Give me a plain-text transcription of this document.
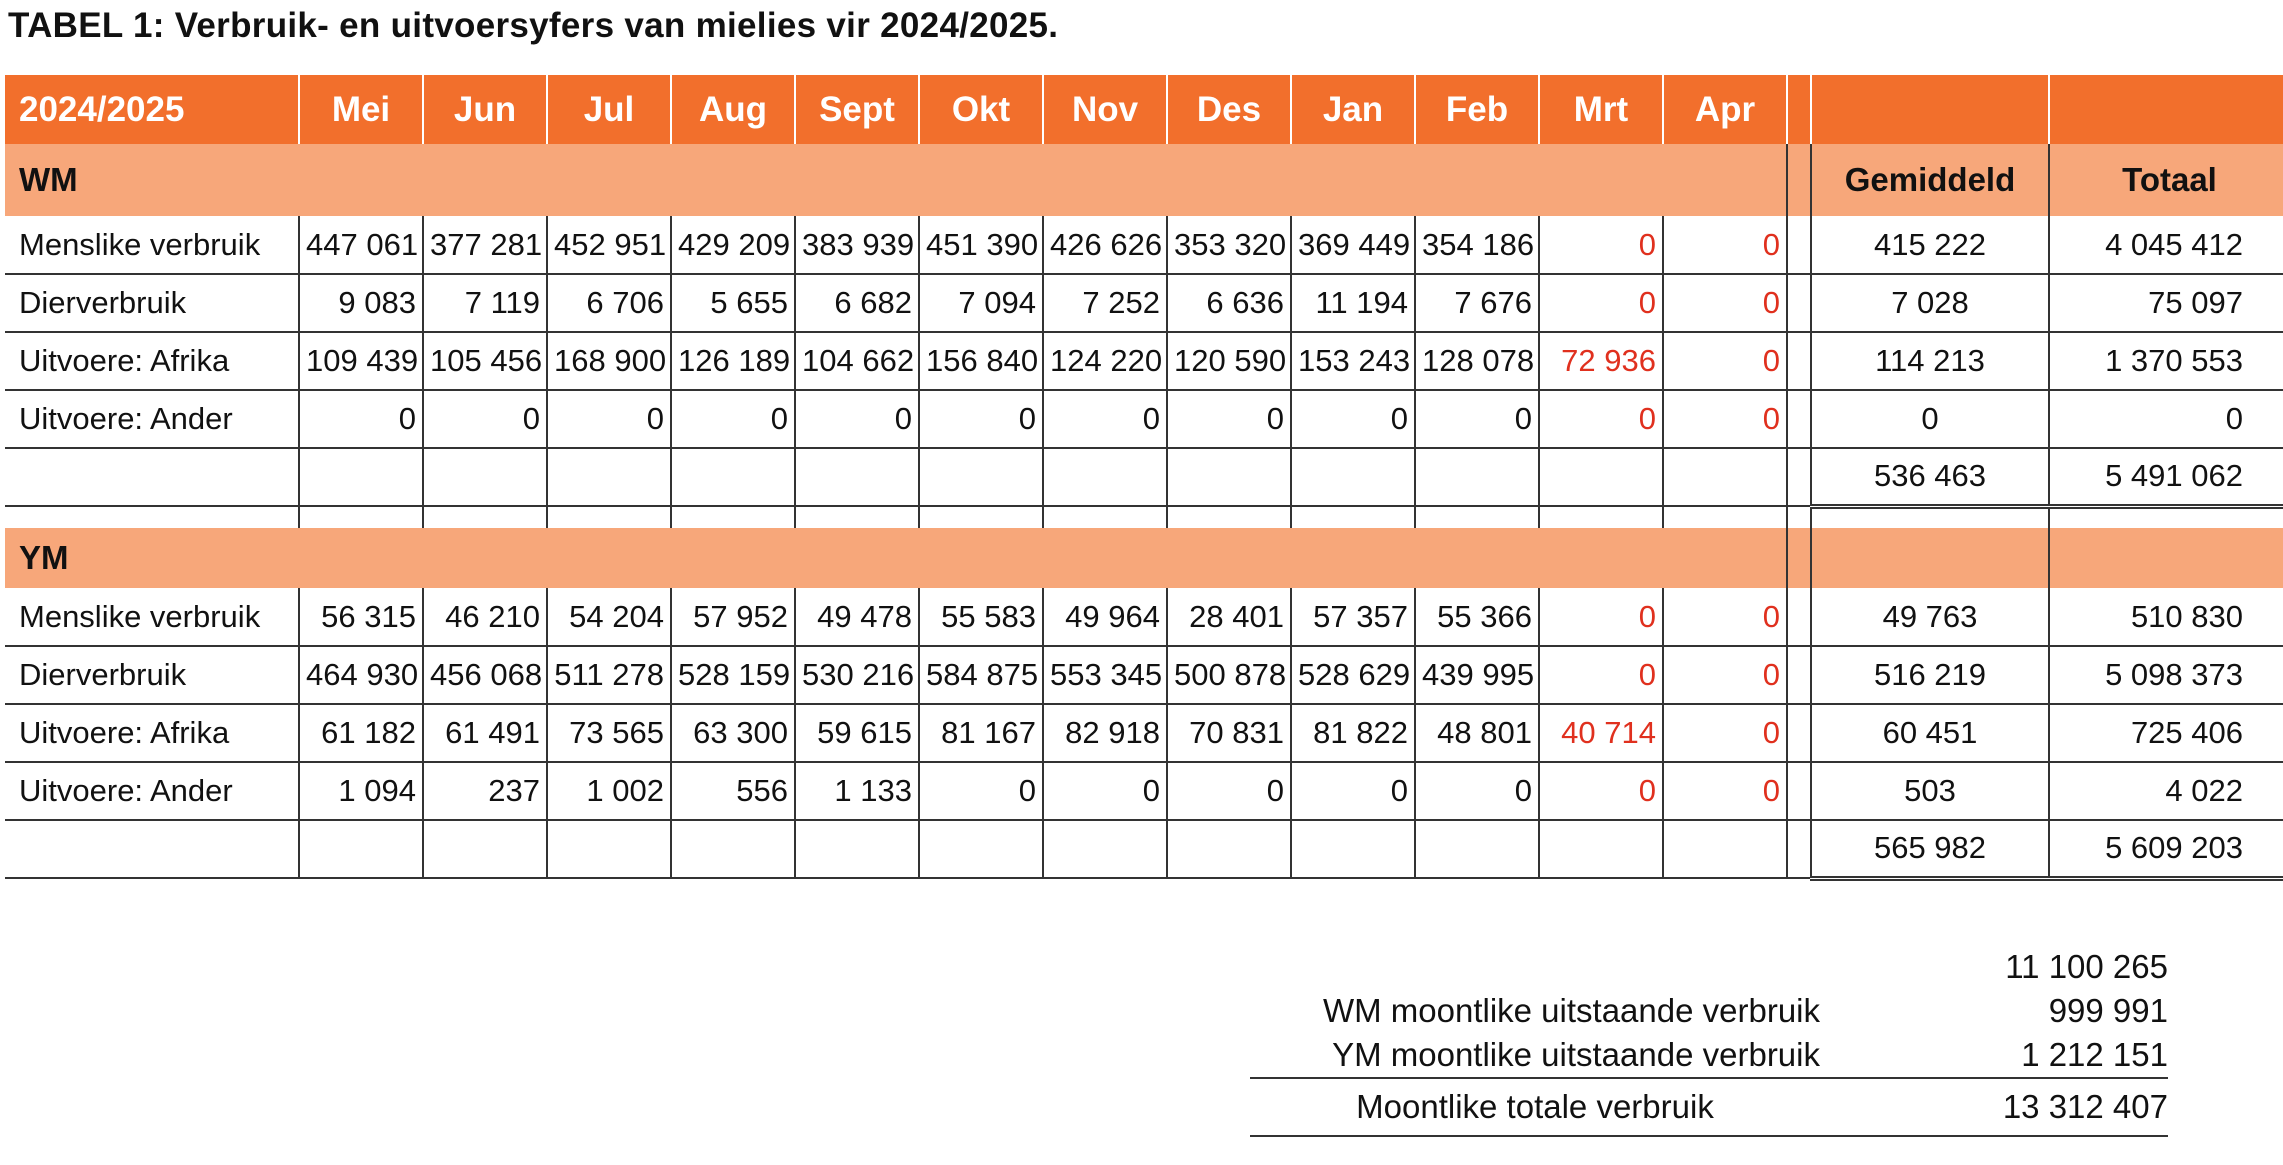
TABEL 1: Verbruik- en uitvoersyfers van mielies vir 2024/2025.
2024/2025	Mei	Jun	Jul	Aug	Sept	Okt	Nov	Des	Jan	Feb	Mrt	Apr			
WM														Gemiddeld	Totaal
Menslike verbruik	447 061	377 281	452 951	429 209	383 939	451 390	426 626	353 320	369 449	354 186	0	0		415 222	4 045 412
Dierverbruik	9 083	7 119	6 706	5 655	6 682	7 094	7 252	6 636	11 194	7 676	0	0		7 028	75 097
Uitvoere: Afrika	109 439	105 456	168 900	126 189	104 662	156 840	124 220	120 590	153 243	128 078	72 936	0		114 213	1 370 553
Uitvoere: Ander	0	0	0	0	0	0	0	0	0	0	0	0		0	0
														536 463	5 491 062

YM															
Menslike verbruik	56 315	46 210	54 204	57 952	49 478	55 583	49 964	28 401	57 357	55 366	0	0		49 763	510 830
Dierverbruik	464 930	456 068	511 278	528 159	530 216	584 875	553 345	500 878	528 629	439 995	0	0		516 219	5 098 373
Uitvoere: Afrika	61 182	61 491	73 565	63 300	59 615	81 167	82 918	70 831	81 822	48 801	40 714	0		60 451	725 406
Uitvoere: Ander	1 094	237	1 002	556	1 133	0	0	0	0	0	0	0		503	4 022
														565 982	5 609 203
	11 100 265
WM moontlike uitstaande verbruik	999 991
YM moontlike uitstaande verbruik	1 212 151
Moontlike totale verbruik	13 312 407
